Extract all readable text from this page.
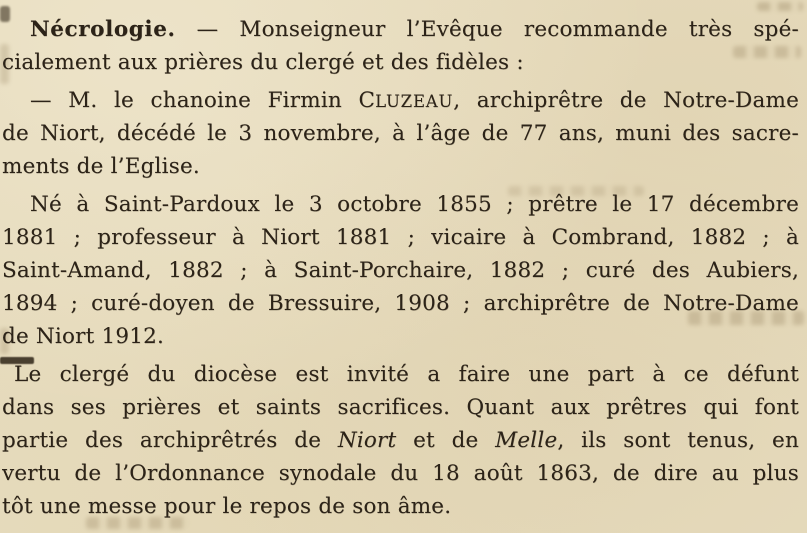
Nécrologie. — Monseigneur l’Evêque recommande très spé-
cialement aux prières du clergé et des fidèles :

— M. le chanoine Firmin CLUZEAU, archiprêtre de Notre-Dame
de Niort, décédé le 3 novembre, à l’âge de 77 ans, muni des sacre-
ments de l’Eglise.

Né à Saint-Pardoux le 3 octobre 1855 ; prêtre le 17 décembre
1881 ; professeur à Niort 1881 ; vicaire à Combrand, 1882 ; à
Saint-Amand, 1882 ; à Saint-Porchaire, 1882 ; curé des Aubiers,
1894 ; curé-doyen de Bressuire, 1908 ; archiprêtre de Notre-Dame
de Niort 1912.

Le clergé du diocèse est invité a faire une part à ce défunt
dans ses prières et saints sacrifices. Quant aux prêtres qui font
partie des archiprêtrés de Niort et de Melle, ils sont tenus, en
vertu de l’Ordonnance synodale du 18 août 1863, de dire au plus
tôt une messe pour le repos de son âme.
